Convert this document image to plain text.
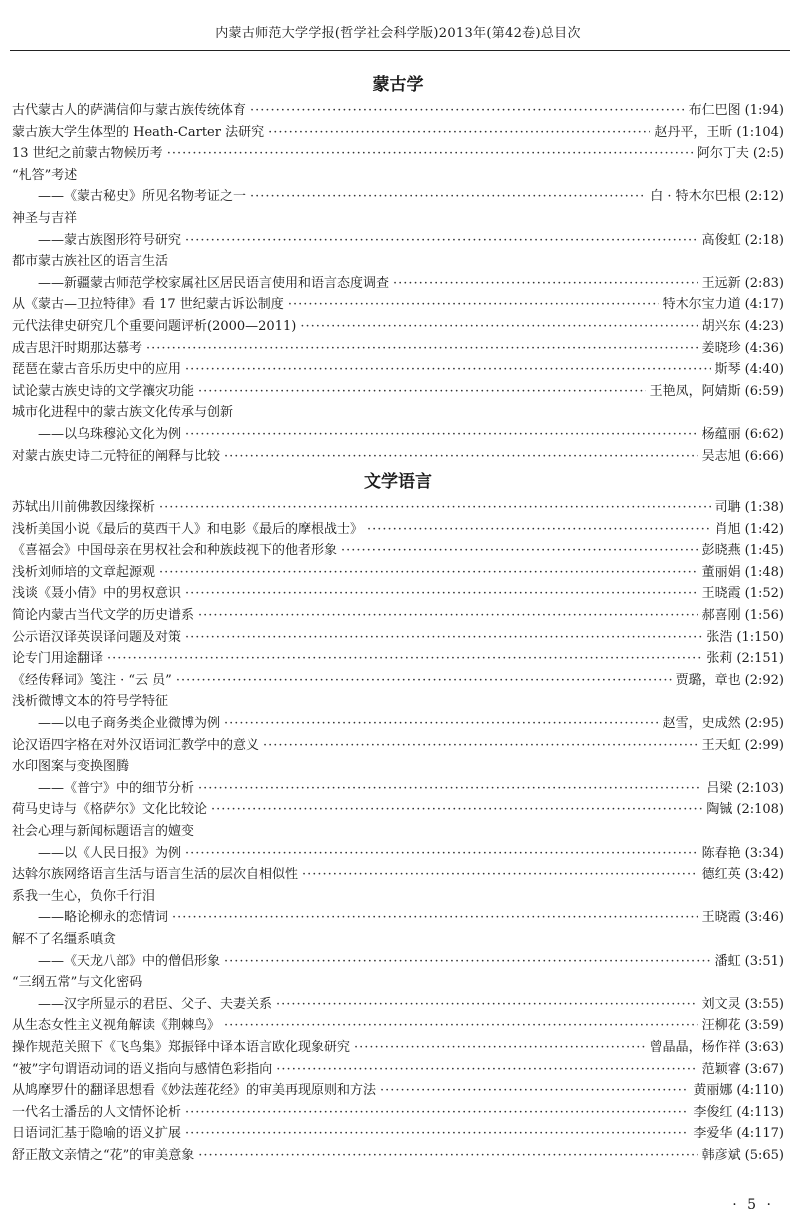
内蒙古师范大学学报(哲学社会科学版)2013年(第42卷)总目次
蒙古学
古代蒙古人的萨满信仰与蒙古族传统体育 ·····	布仁巴图 (1:94)
蒙古族大学生体型的 Heath-Carter 法研究 ·····	赵丹平，王昕 (1:104)
13 世纪之前蒙古物候历考 ·····	阿尔丁夫 (2:5)
“札答”考述
——《蒙古秘史》所见名物考证之一 ·····	白 · 特木尔巴根 (2:12)
神圣与吉祥
——蒙古族图形符号研究 ·····	高俊虹 (2:18)
都市蒙古族社区的语言生活
——新疆蒙古师范学校家属社区居民语言使用和语言态度调查 ·····	王远新 (2:83)
从《蒙古—卫拉特律》看 17 世纪蒙古诉讼制度 ·····	特木尔宝力道 (4:17)
元代法律史研究几个重要问题评析(2000—2011) ·····	胡兴东 (4:23)
成吉思汗时期那达慕考 ·····	姜晓珍 (4:36)
琵琶在蒙古音乐历史中的应用 ·····	斯琴 (4:40)
试论蒙古族史诗的文学禳灾功能 ·····	王艳凤，阿婧斯 (6:59)
城市化进程中的蒙古族文化传承与创新
——以乌珠穆沁文化为例 ·····	杨蕴丽 (6:62)
对蒙古族史诗二元特征的阐释与比较 ·····	吴志旭 (6:66)
文学语言
苏轼出川前佛教因缘探析 ·····	司聃 (1:38)
浅析美国小说《最后的莫西干人》和电影《最后的摩根战士》 ·····	肖旭 (1:42)
《喜福会》中国母亲在男权社会和种族歧视下的他者形象 ·····	彭晓燕 (1:45)
浅析刘师培的文章起源观 ·····	董丽娟 (1:48)
浅谈《聂小倩》中的男权意识 ·····	王晓霞 (1:52)
简论内蒙古当代文学的历史谱系 ·····	郝喜刚 (1:56)
公示语汉译英误译问题及对策 ·····	张浩 (1:150)
论专门用途翻译 ·····	张莉 (2:151)
《经传释词》笺注 · “云 员” ·····	贾璐，章也 (2:92)
浅析微博文本的符号学特征
——以电子商务类企业微博为例 ·····	赵雪，史成然 (2:95)
论汉语四字格在对外汉语词汇教学中的意义 ·····	王天虹 (2:99)
水印图案与变换图腾
——《普宁》中的细节分析 ·····	吕梁 (2:103)
荷马史诗与《格萨尔》文化比较论 ·····	陶铖 (2:108)
社会心理与新闻标题语言的嬗变
——以《人民日报》为例 ·····	陈春艳 (3:34)
达斡尔族网络语言生活与语言生活的层次自相似性 ·····	德红英 (3:42)
系我一生心，负你千行泪
——略论柳永的恋情词 ·····	王晓霞 (3:46)
解不了名缰系嗔贪
——《天龙八部》中的僧侣形象 ·····	潘虹 (3:51)
“三纲五常”与文化密码
——汉字所显示的君臣、父子、夫妻关系 ·····	刘文灵 (3:55)
从生态女性主义视角解读《荆棘鸟》 ·····	汪柳花 (3:59)
操作规范关照下《飞鸟集》郑振铎中译本语言欧化现象研究 ·····	曾晶晶，杨作祥 (3:63)
“被”字句谓语动词的语义指向与感情色彩指向 ·····	范颖睿 (3:67)
从鸠摩罗什的翻译思想看《妙法莲花经》的审美再现原则和方法 ·····	黄丽娜 (4:110)
一代名士潘岳的人文情怀论析 ·····	李俊红 (4:113)
日语词汇基于隐喻的语义扩展 ·····	李爱华 (4:117)
舒正散文亲情之“花”的审美意象 ·····	韩彦斌 (5:65)
· 5 ·
